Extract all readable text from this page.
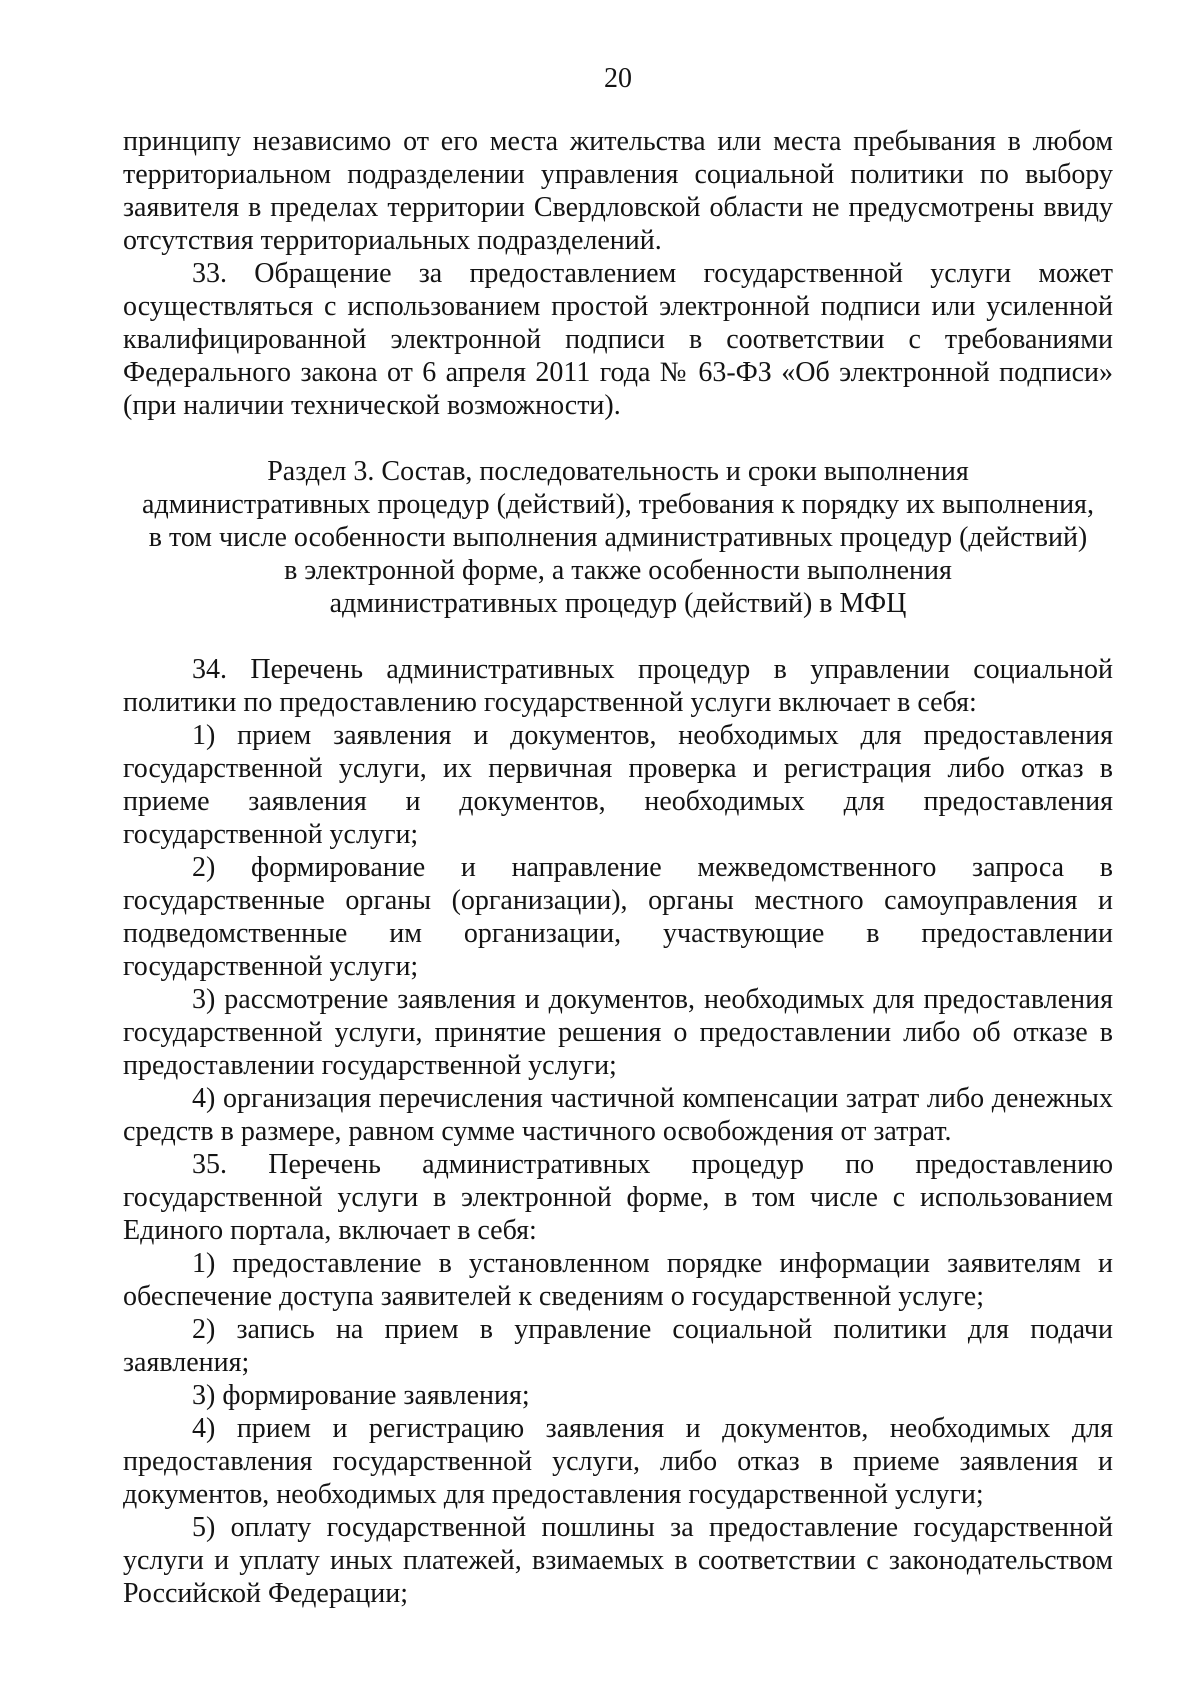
20

принципу независимо от его места жительства или места пребывания в любом территориальном подразделении управления социальной политики по выбору заявителя в пределах территории Свердловской области не предусмотрены ввиду отсутствия территориальных подразделений.

33. Обращение за предоставлением государственной услуги может осуществляться с использованием простой электронной подписи или усиленной квалифицированной электронной подписи в соответствии с требованиями Федерального закона от 6 апреля 2011 года № 63-ФЗ «Об электронной подписи» (при наличии технической возможности).

Раздел 3. Состав, последовательность и сроки выполнения
административных процедур (действий), требования к порядку их выполнения,
в том числе особенности выполнения административных процедур (действий)
в электронной форме, а также особенности выполнения
административных процедур (действий) в МФЦ

34. Перечень административных процедур в управлении социальной политики по предоставлению государственной услуги включает в себя:

1) прием заявления и документов, необходимых для предоставления государственной услуги, их первичная проверка и регистрация либо отказ в приеме заявления и документов, необходимых для предоставления государственной услуги;

2) формирование и направление межведомственного запроса в государственные органы (организации), органы местного самоуправления и подведомственные им организации, участвующие в предоставлении государственной услуги;

3) рассмотрение заявления и документов, необходимых для предоставления государственной услуги, принятие решения о предоставлении либо об отказе в предоставлении государственной услуги;

4) организация перечисления частичной компенсации затрат либо денежных средств в размере, равном сумме частичного освобождения от затрат.

35. Перечень административных процедур по предоставлению государственной услуги в электронной форме, в том числе с использованием Единого портала, включает в себя:

1) предоставление в установленном порядке информации заявителям и обеспечение доступа заявителей к сведениям о государственной услуге;

2) запись на прием в управление социальной политики для подачи заявления;

3) формирование заявления;

4) прием и регистрацию заявления и документов, необходимых для предоставления государственной услуги, либо отказ в приеме заявления и документов, необходимых для предоставления государственной услуги;

5) оплату государственной пошлины за предоставление государственной услуги и уплату иных платежей, взимаемых в соответствии с законодательством Российской Федерации;
